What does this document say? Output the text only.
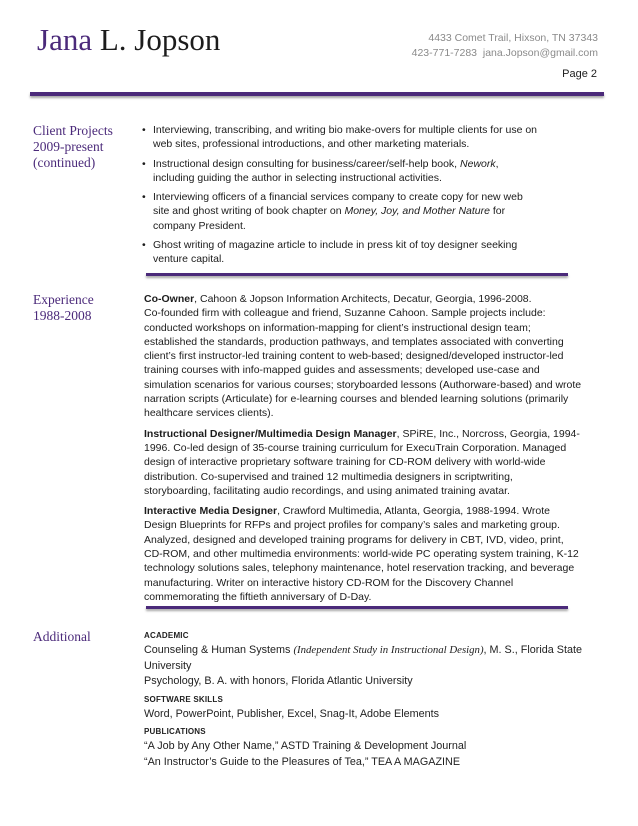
Jana L. Jopson	4433 Comet Trail, Hixson, TN 37343
423-771-7283 jana.Jopson@gmail.com
Page 2
Client Projects
2009-present
(continued)
• Interviewing, transcribing, and writing bio make-overs for multiple clients for use on web sites, professional introductions, and other marketing materials.
• Instructional design consulting for business/career/self-help book, Nework, including guiding the author in selecting instructional activities.
• Interviewing officers of a financial services company to create copy for new web site and ghost writing of book chapter on Money, Joy, and Mother Nature for company President.
• Ghost writing of magazine article to include in press kit of toy designer seeking venture capital.
Experience
1988-2008

Co-Owner, Cahoon & Jopson Information Architects, Decatur, Georgia, 1996-2008.
Co-founded firm with colleague and friend, Suzanne Cahoon. Sample projects include: conducted workshops on information-mapping for client’s instructional design team; established the standards, production pathways, and templates associated with converting client’s first instructor-led training content to web-based; designed/developed instructor-led training courses with info-mapped guides and assessments; developed use-case and simulation scenarios for various courses; storyboarded lessons (Authorware-based) and wrote narration scripts (Articulate) for e-learning courses and blended learning solutions (primarily healthcare services clients).

Instructional Designer/Multimedia Design Manager, SPiRE, Inc., Norcross, Georgia, 1994-1996. Co-led design of 35-course training curriculum for ExecuTrain Corporation. Managed design of interactive proprietary software training for CD-ROM delivery with world-wide distribution. Co-supervised and trained 12 multimedia designers in scriptwriting, storyboarding, facilitating audio recordings, and using animated training avatar.

Interactive Media Designer, Crawford Multimedia, Atlanta, Georgia, 1988-1994. Wrote Design Blueprints for RFPs and project profiles for company’s sales and marketing group. Analyzed, designed and developed training programs for delivery in CBT, IVD, video, print, CD-ROM, and other multimedia environments: world-wide PC operating system training, K-12 technology solutions sales, telephony maintenance, hotel reservation tracking, and beverage manufacturing. Writer on interactive history CD-ROM for the Discovery Channel commemorating the fiftieth anniversary of D-Day.

Additional	ACADEMIC
Counseling & Human Systems (Independent Study in Instructional Design), M. S., Florida State University
Psychology, B. A. with honors, Florida Atlantic University
SOFTWARE SKILLS
Word, PowerPoint, Publisher, Excel, Snag-It, Adobe Elements
PUBLICATIONS
“A Job by Any Other Name,” ASTD Training & Development Journal
“An Instructor’s Guide to the Pleasures of Tea,” TEA A MAGAZINE
